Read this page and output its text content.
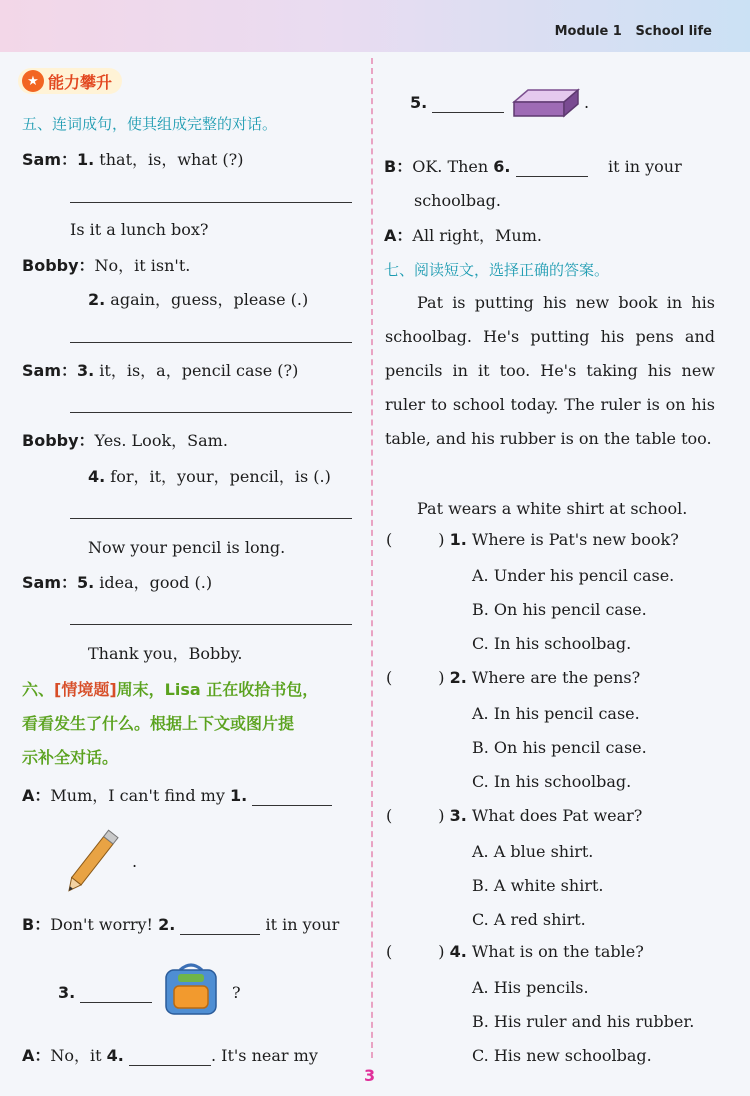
Module 1 School life
★ 能力攀升
五、连词成句，使其组成完整的对话。
Sam：1. that，is，what (?)
Is it a lunch box?
Bobby：No，it isn't.
2. again，guess，please (.)
Sam：3. it，is，a，pencil case (?)
Bobby：Yes. Look，Sam.
4. for，it，your，pencil，is (.)
Now your pencil is long.
Sam：5. idea，good (.)
Thank you，Bobby.
六、[情境题]周末，Lisa 正在收拾书包，
看看发生了什么。根据上下文或图片提
示补全对话。
A：Mum，I can't find my 1.
.
B：Don't worry! 2.	it in your
3.	?
A：No，it 4.	. It's near my
5.	.
B：OK. Then 6.	it in your
schoolbag.
A：All right，Mum.
七、阅读短文，选择正确的答案。
Pat is putting his new book in his schoolbag. He's putting his pens and pencils in it too. He's taking his new ruler to school today. The ruler is on his table, and his rubber is on the table too.
Pat wears a white shirt at school.
(	) 1. Where is Pat's new book?
A. Under his pencil case.
B. On his pencil case.
C. In his schoolbag.
(	) 2. Where are the pens?
A. In his pencil case.
B. On his pencil case.
C. In his schoolbag.
(	) 3. What does Pat wear?
A. A blue shirt.
B. A white shirt.
C. A red shirt.
(	) 4. What is on the table?
A. His pencils.
B. His ruler and his rubber.
C. His new schoolbag.
3
